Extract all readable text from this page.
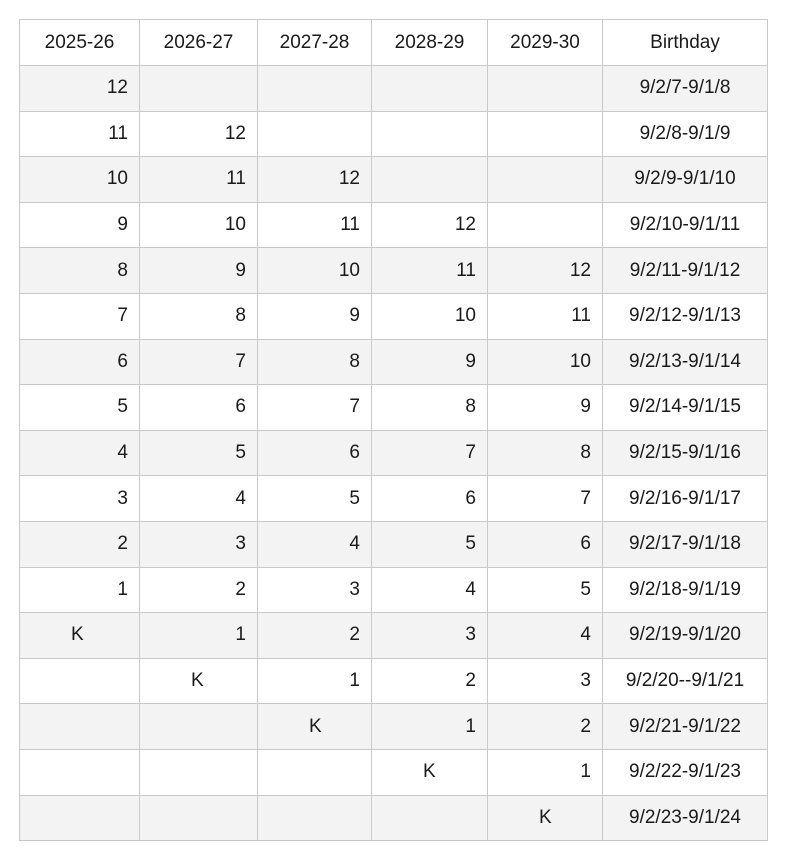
2025-26	2026-27	2027-28	2028-29	2029-30	Birthday
12					9/2/7-9/1/8
11	12				9/2/8-9/1/9
10	11	12			9/2/9-9/1/10
9	10	11	12		9/2/10-9/1/11
8	9	10	11	12	9/2/11-9/1/12
7	8	9	10	11	9/2/12-9/1/13
6	7	8	9	10	9/2/13-9/1/14
5	6	7	8	9	9/2/14-9/1/15
4	5	6	7	8	9/2/15-9/1/16
3	4	5	6	7	9/2/16-9/1/17
2	3	4	5	6	9/2/17-9/1/18
1	2	3	4	5	9/2/18-9/1/19
K	1	2	3	4	9/2/19-9/1/20
	K	1	2	3	9/2/20--9/1/21
		K	1	2	9/2/21-9/1/22
			K	1	9/2/22-9/1/23
				K	9/2/23-9/1/24
